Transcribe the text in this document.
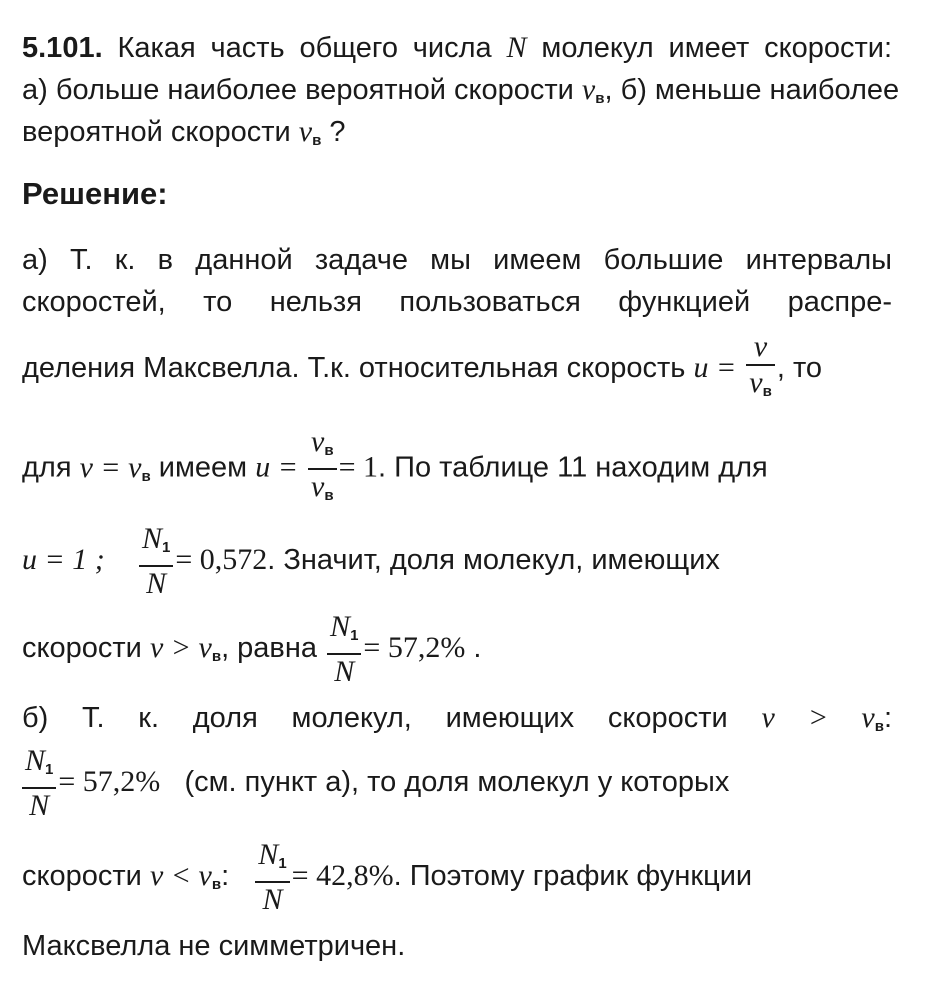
5.101. Какая часть общего числа N молекул имеет скорости:
а) больше наиболее вероятной скорости $v_в$, б) меньше наиболее
вероятной скорости $v_в$ ?
Решение:
а) Т. к. в данной задаче мы имеем большие интервалы
скоростей, то нельзя пользоваться функцией распре-
деления Максвелла. Т.к. относительная скорость $u = \frac{v}{v_в}$ , то
для $v = v_в$ имеем $u = \frac{v_в}{v_в} = 1$. По таблице 11 находим для
u = 1 ; $\frac{N_1}{N} = 0,572$. Значит, доля молекул, имеющих
скорости $v > v_в$, равна $\frac{N_1}{N} = 57,2\%$ .
б) Т. к. доля молекул, имеющих скорости $v > v_в$:
$\frac{N_1}{N} = 57,2\%$ (см. пункт а), то доля молекул у которых
скорости $v < v_в$: $\frac{N_1}{N} = 42,8\%$. Поэтому график функции
Максвелла не симметричен.
